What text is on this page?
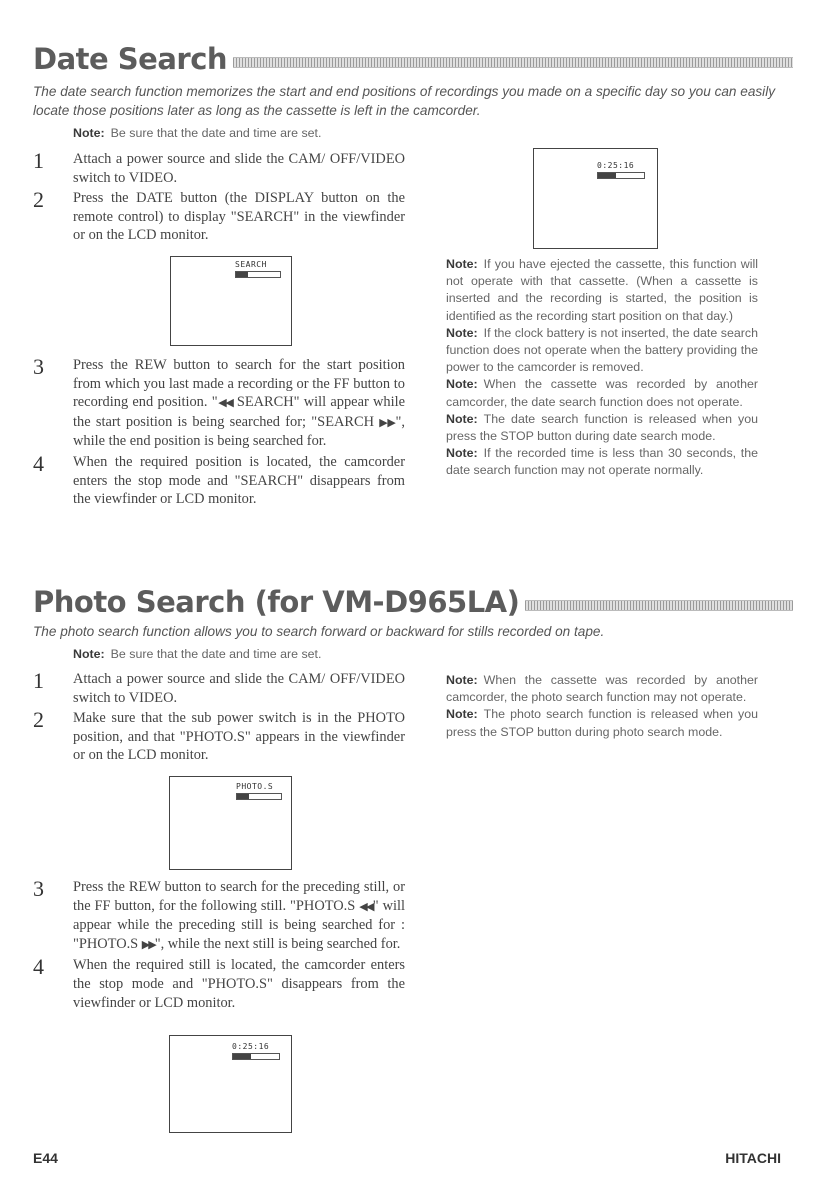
Date Search
The date search function memorizes the start and end positions of recordings you made on a specific day so you can easily locate those positions later as long as the cassette is left in the camcorder.
Note: Be sure that the date and time are set.
1	Attach a power source and slide the CAM/ OFF/VIDEO switch to VIDEO.
2	Press the DATE button (the DISPLAY button on the remote control) to display "SEARCH" in the viewfinder or on the LCD monitor.
SEARCH
0:25:16
3	Press the REW button to search for the start position from which you last made a recording or the FF button to recording end position. "◀◀ SEARCH" will appear while the start position is being searched for; "SEARCH ▶▶", while the end position is being searched for.
4	When the required position is located, the camcorder enters the stop mode and "SEARCH" disappears from the viewfinder or LCD monitor.

Note: If you have ejected the cassette, this function will not operate with that cassette. (When a cassette is inserted and the recording is started, the position is identified as the recording start position on that day.)

Note: If the clock battery is not inserted, the date search function does not operate when the battery providing the power to the camcorder is removed.

Note: When the cassette was recorded by another camcorder, the date search function does not operate.

Note: The date search function is released when you press the STOP button during date search mode.

Note: If the recorded time is less than 30 seconds, the date search function may not operate normally.

Photo Search (for VM-D965LA)
The photo search function allows you to search forward or backward for stills recorded on tape.
Note: Be sure that the date and time are set.
1	Attach a power source and slide the CAM/ OFF/VIDEO switch to VIDEO.
2	Make sure that the sub power switch is in the PHOTO position, and that "PHOTO.S" appears in the viewfinder or on the LCD monitor.
PHOTO.S
3	Press the REW button to search for the preceding still, or the FF button, for the following still. "PHOTO.S ◀◀" will appear while the preceding still is being searched for : "PHOTO.S ▶▶", while the next still is being searched for.
4	When the required still is located, the camcorder enters the stop mode and "PHOTO.S" disappears from the viewfinder or LCD monitor.
0:25:16

Note: When the cassette was recorded by another camcorder, the photo search function may not operate.

Note: The photo search function is released when you press the STOP button during photo search mode.

E44	HITACHI
